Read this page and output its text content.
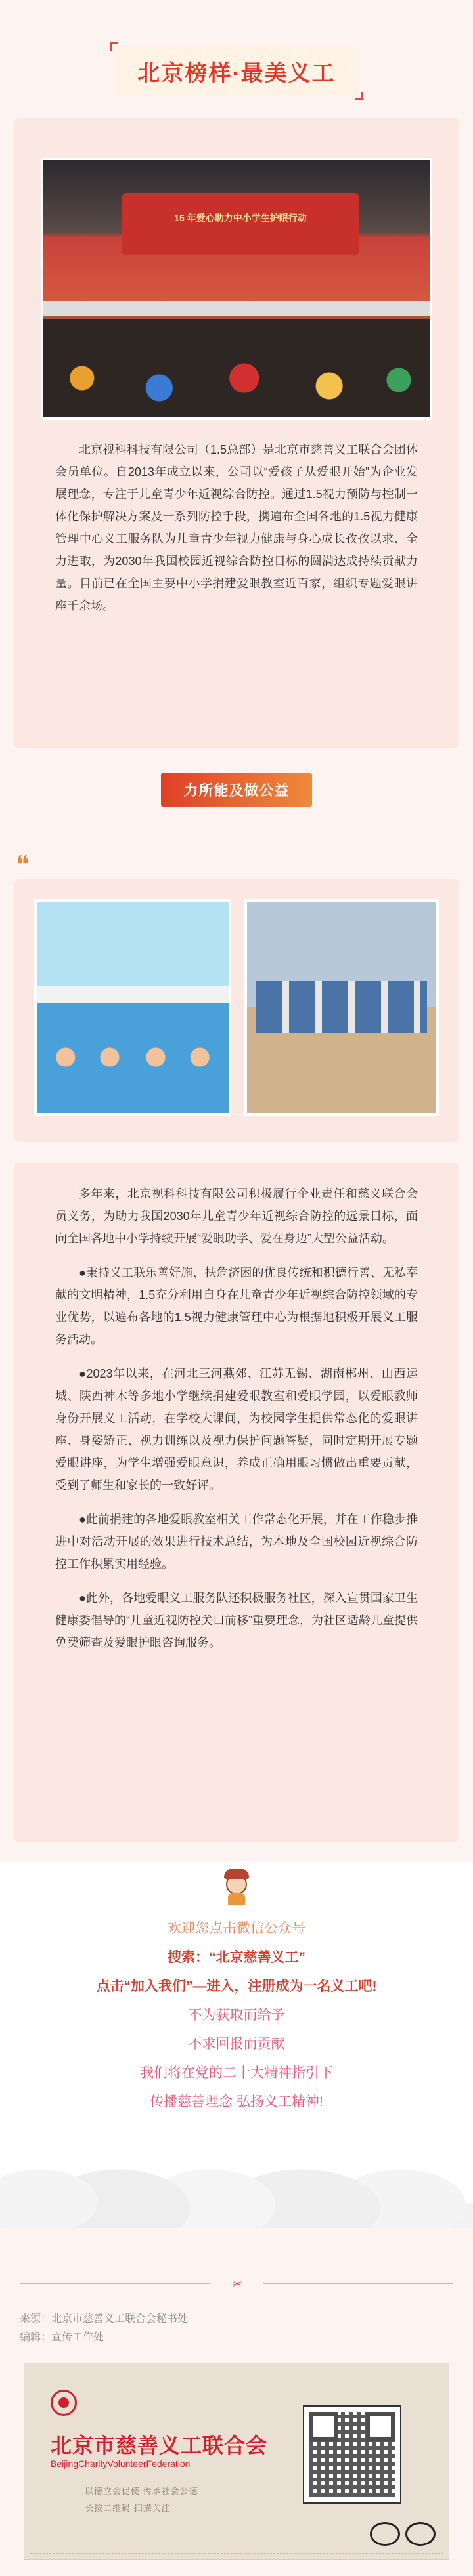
北京榜样·最美义工
15 年爱心助力中小学生护眼行动

北京视科科技有限公司（1.5总部）是北京市慈善义工联合会团体会员单位。自2013年成立以来，公司以“爱孩子从爱眼开始”为企业发展理念，专注于儿童青少年近视综合防控。通过1.5视力预防与控制一体化保护解决方案及一系列防控手段，携遍布全国各地的1.5视力健康管理中心义工服务队为儿童青少年视力健康与身心成长孜孜以求、全力进取，为2030年我国校园近视综合防控目标的圆满达成持续贡献力量。目前已在全国主要中小学捐建爱眼教室近百家，组织专题爱眼讲座千余场。

力所能及做公益
❝

多年来，北京视科科技有限公司积极履行企业责任和慈义联合会员义务，为助力我国2030年儿童青少年近视综合防控的远景目标，面向全国各地中小学持续开展“爱眼助学、爱在身边”大型公益活动。

●秉持义工联乐善好施、扶危济困的优良传统和积德行善、无私奉献的文明精神，1.5充分利用自身在儿童青少年近视综合防控领域的专业优势，以遍布各地的1.5视力健康管理中心为根据地积极开展义工服务活动。

●2023年以来，在河北三河燕郊、江苏无锡、湖南郴州、山西运城、陕西神木等多地小学继续捐建爱眼教室和爱眼学园，以爱眼教师身份开展义工活动，在学校大课间，为校园学生提供常态化的爱眼讲座、身姿矫正、视力训练以及视力保护问题答疑，同时定期开展专题爱眼讲座，为学生增强爱眼意识，养成正确用眼习惯做出重要贡献，受到了师生和家长的一致好评。

●此前捐建的各地爱眼教室相关工作常态化开展，并在工作稳步推进中对活动开展的效果进行技术总结，为本地及全国校园近视综合防控工作积累实用经验。

●此外，各地爱眼义工服务队还积极服务社区，深入宣贯国家卫生健康委倡导的“儿童近视防控关口前移”重要理念，为社区适龄儿童提供免费筛查及爱眼护眼咨询服务。

欢迎您点击微信公众号
搜索：“北京慈善义工”
点击“加入我们”—进入，注册成为一名义工吧!
不为获取而给予
不求回报而贡献
我们将在党的二十大精神指引下
传播慈善理念 弘扬义工精神!
✂
来源：北京市慈善义工联合会秘书处
编辑：宣传工作处
北京市慈善义工联合会
BeijingCharityVolunteerFederation
以德立会促使 传承社会公德
长按二维码 扫描关注
